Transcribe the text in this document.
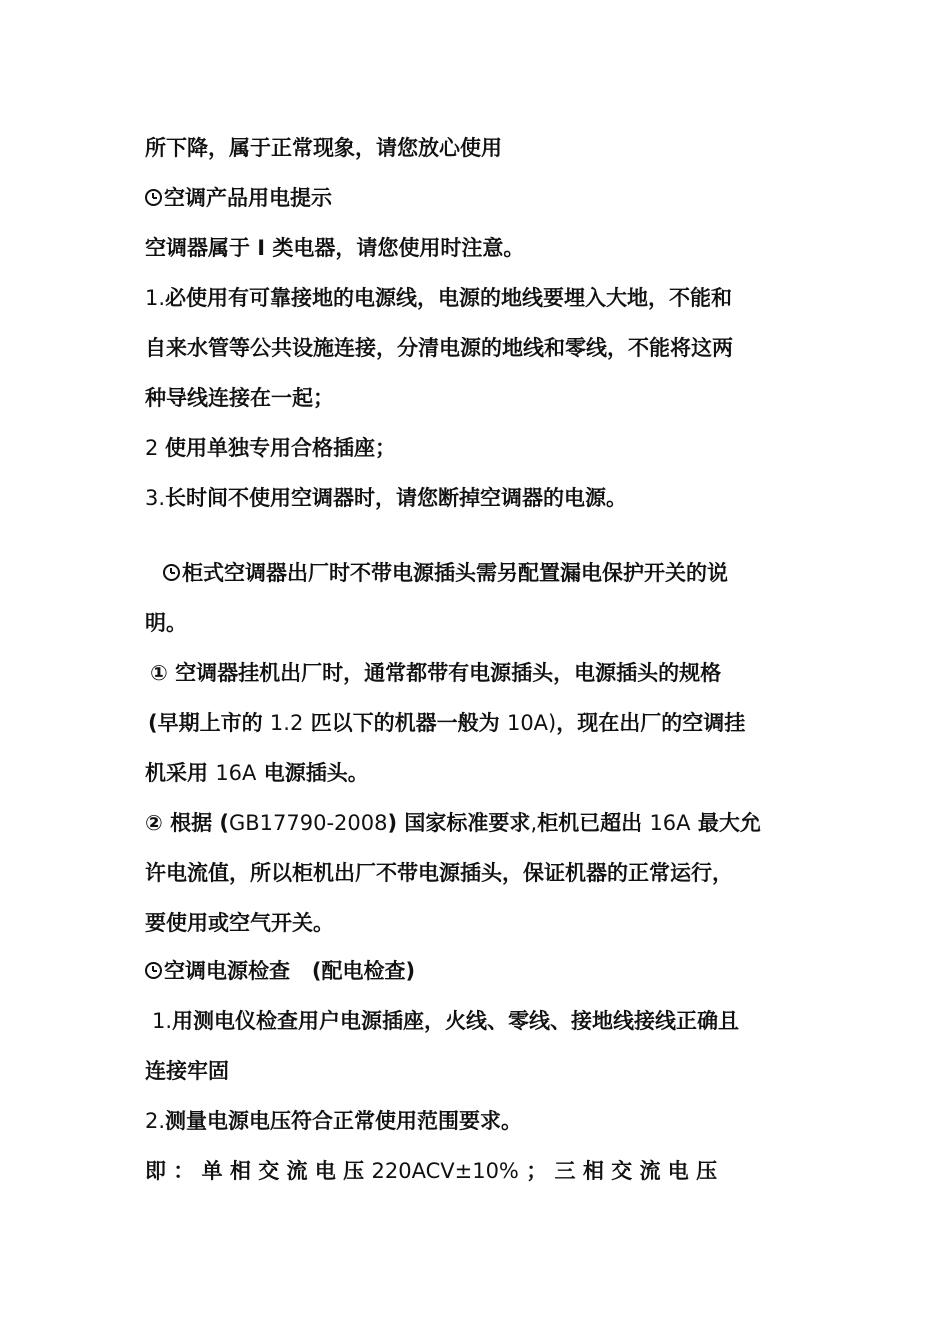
所下降，属于正常现象，请您放心使用
空调产品用电提示
空调器属于 I 类电器，请您使用时注意。
1.必使用有可靠接地的电源线，电源的地线要埋入大地，不能和
自来水管等公共设施连接，分清电源的地线和零线，不能将这两
种导线连接在一起；
2 使用单独专用合格插座；
3.长时间不使用空调器时，请您断掉空调器的电源。
柜式空调器出厂时不带电源插头需另配置漏电保护开关的说
明。
① 空调器挂机出厂时，通常都带有电源插头，电源插头的规格
(早期上市的 1.2 匹以下的机器一般为 10A)，现在出厂的空调挂
机采用 16A 电源插头。
② 根据 (GB17790-2008) 国家标准要求,柜机已超出 16A 最大允
许电流值，所以柜机出厂不带电源插头，保证机器的正常运行，
要使用或空气开关。
空调电源检查   (配电检查)
1.用测电仪检查用户电源插座，火线、零线、接地线接线正确且
连接牢固
2.测量电源电压符合正常使用范围要求。
即 ： 单 相 交 流 电 压 220ACV±10% ； 三 相 交 流 电 压
